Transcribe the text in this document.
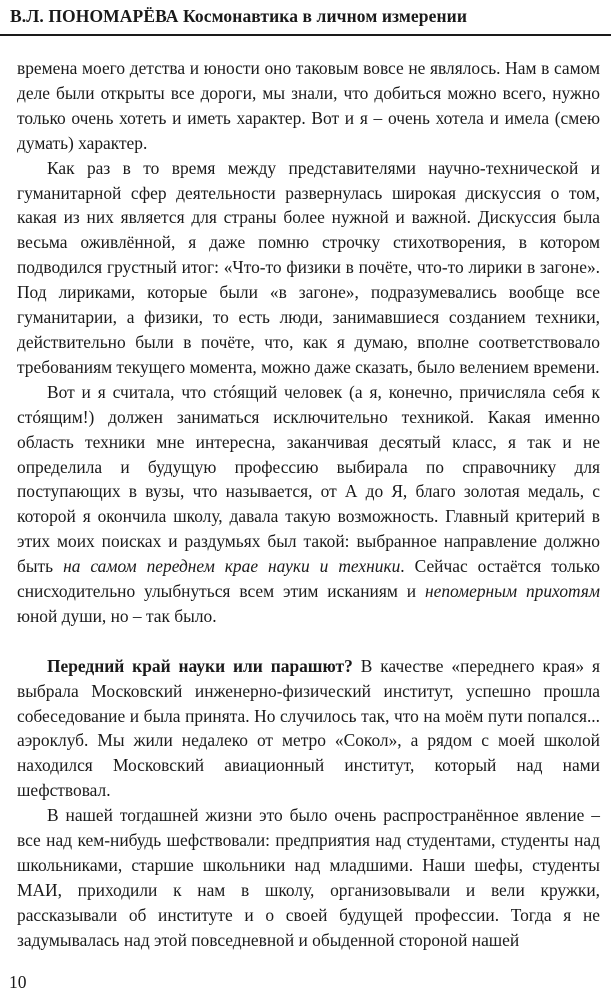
В.Л. ПОНОМАРЁВА Космонавтика в личном измерении

времена моего детства и юности оно таковым вовсе не являлось. Нам в самом деле были открыты все дороги, мы знали, что добиться можно всего, нужно только очень хотеть и иметь характер. Вот и я – очень хотела и имела (смею думать) характер.

Как раз в то время между представителями научно-технической и гуманитарной сфер деятельности развернулась широкая дискуссия о том, какая из них является для страны более нужной и важной. Дискуссия была весьма оживлённой, я даже помню строчку стихотворения, в котором подводился грустный итог: «Что-то физики в почёте, что-то лирики в загоне». Под лириками, которые были «в загоне», подразумевались вообще все гуманитарии, а физики, то есть люди, занимавшиеся созданием техники, действительно были в почёте, что, как я думаю, вполне соответствовало требованиям текущего момента, можно даже сказать, было велением времени.

Вот и я считала, что стóящий человек (а я, конечно, причисляла себя к стóящим!) должен заниматься исключительно техникой. Какая именно область техники мне интересна, заканчивая десятый класс, я так и не определила и будущую профессию выбирала по справочнику для поступающих в вузы, что называется, от А до Я, благо золотая медаль, с которой я окончила школу, давала такую возможность. Главный критерий в этих моих поисках и раздумьях был такой: выбранное направление должно быть на самом переднем крае науки и техники. Сейчас остаётся только снисходительно улыбнуться всем этим исканиям и непомерным прихотям юной души, но – так было.

Передний край науки или парашют? В качестве «переднего края» я выбрала Московский инженерно-физический институт, успешно прошла собеседование и была принята. Но случилось так, что на моём пути попался... аэроклуб. Мы жили недалеко от метро «Сокол», а рядом с моей школой находился Московский авиационный институт, который над нами шефствовал.

В нашей тогдашней жизни это было очень распространённое явление – все над кем-нибудь шефствовали: предприятия над студентами, студенты над школьниками, старшие школьники над младшими. Наши шефы, студенты МАИ, приходили к нам в школу, организовывали и вели кружки, рассказывали об институте и о своей будущей профессии. Тогда я не задумывалась над этой повседневной и обыденной стороной нашей

10
